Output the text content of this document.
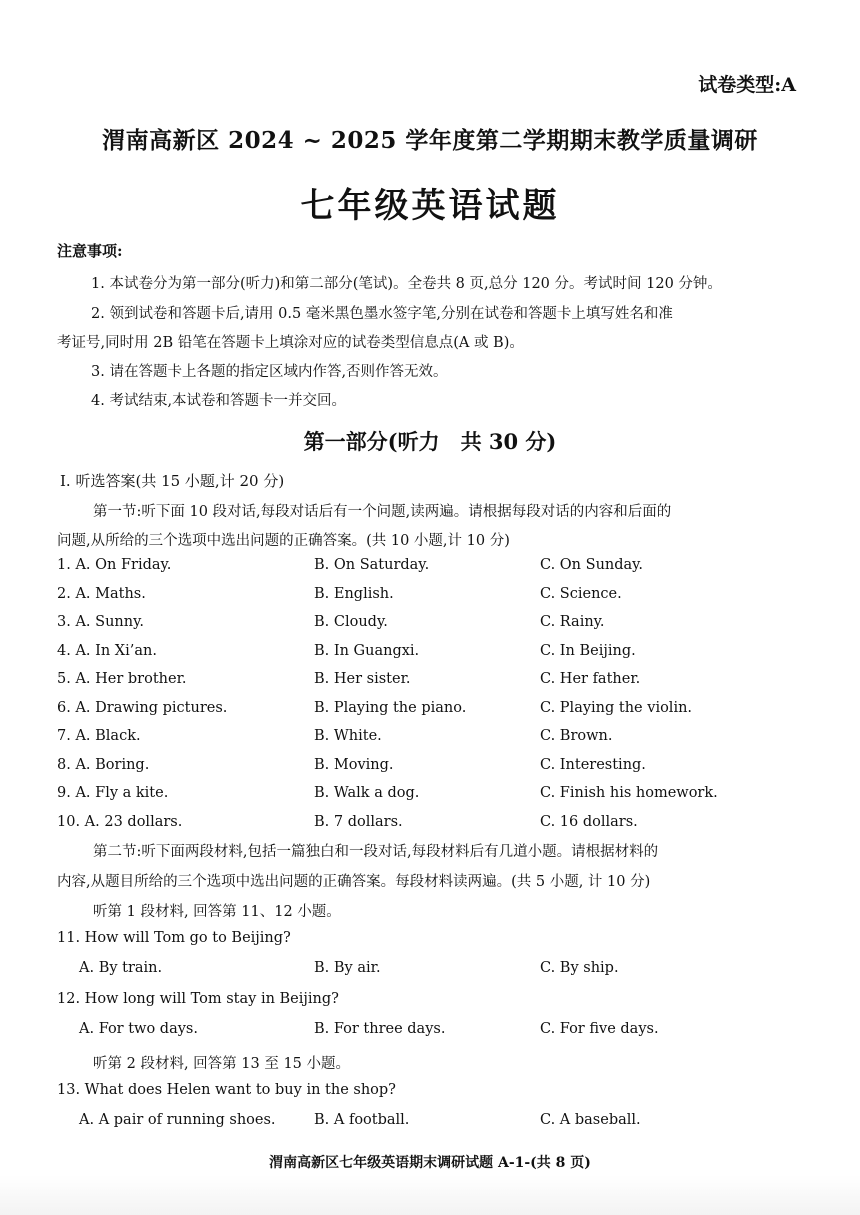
试卷类型:A
渭南高新区 2024 ~ 2025 学年度第二学期期末教学质量调研
七年级英语试题
注意事项:
1. 本试卷分为第一部分(听力)和第二部分(笔试)。全卷共 8 页,总分 120 分。考试时间 120 分钟。
2. 领到试卷和答题卡后,请用 0.5 毫米黑色墨水签字笔,分别在试卷和答题卡上填写姓名和准
考证号,同时用 2B 铅笔在答题卡上填涂对应的试卷类型信息点(A 或 B)。
3. 请在答题卡上各题的指定区域内作答,否则作答无效。
4. 考试结束,本试卷和答题卡一并交回。
第一部分(听力　共 30 分)
Ⅰ. 听选答案(共 15 小题,计 20 分)
第一节:听下面 10 段对话,每段对话后有一个问题,读两遍。请根据每段对话的内容和后面的
问题,从所给的三个选项中选出问题的正确答案。(共 10 小题,计 10 分)
1. A. On Friday.	B. On Saturday.	C. On Sunday.
2. A. Maths.	B. English.	C. Science.
3. A. Sunny.	B. Cloudy.	C. Rainy.
4. A. In Xi’an.	B. In Guangxi.	C. In Beijing.
5. A. Her brother.	B. Her sister.	C. Her father.
6. A. Drawing pictures.	B. Playing the piano.	C. Playing the violin.
7. A. Black.	B. White.	C. Brown.
8. A. Boring.	B. Moving.	C. Interesting.
9. A. Fly a kite.	B. Walk a dog.	C. Finish his homework.
10. A. 23 dollars.	B. 7 dollars.	C. 16 dollars.
第二节:听下面两段材料,包括一篇独白和一段对话,每段材料后有几道小题。请根据材料的
内容,从题目所给的三个选项中选出问题的正确答案。每段材料读两遍。(共 5 小题, 计 10 分)
听第 1 段材料, 回答第 11、12 小题。
11. How will Tom go to Beijing?
A. By train.	B. By air.	C. By ship.
12. How long will Tom stay in Beijing?
A. For two days.	B. For three days.	C. For five days.
听第 2 段材料, 回答第 13 至 15 小题。
13. What does Helen want to buy in the shop?
A. A pair of running shoes.	B. A football.	C. A baseball.
渭南高新区七年级英语期末调研试题 A-1-(共 8 页)
